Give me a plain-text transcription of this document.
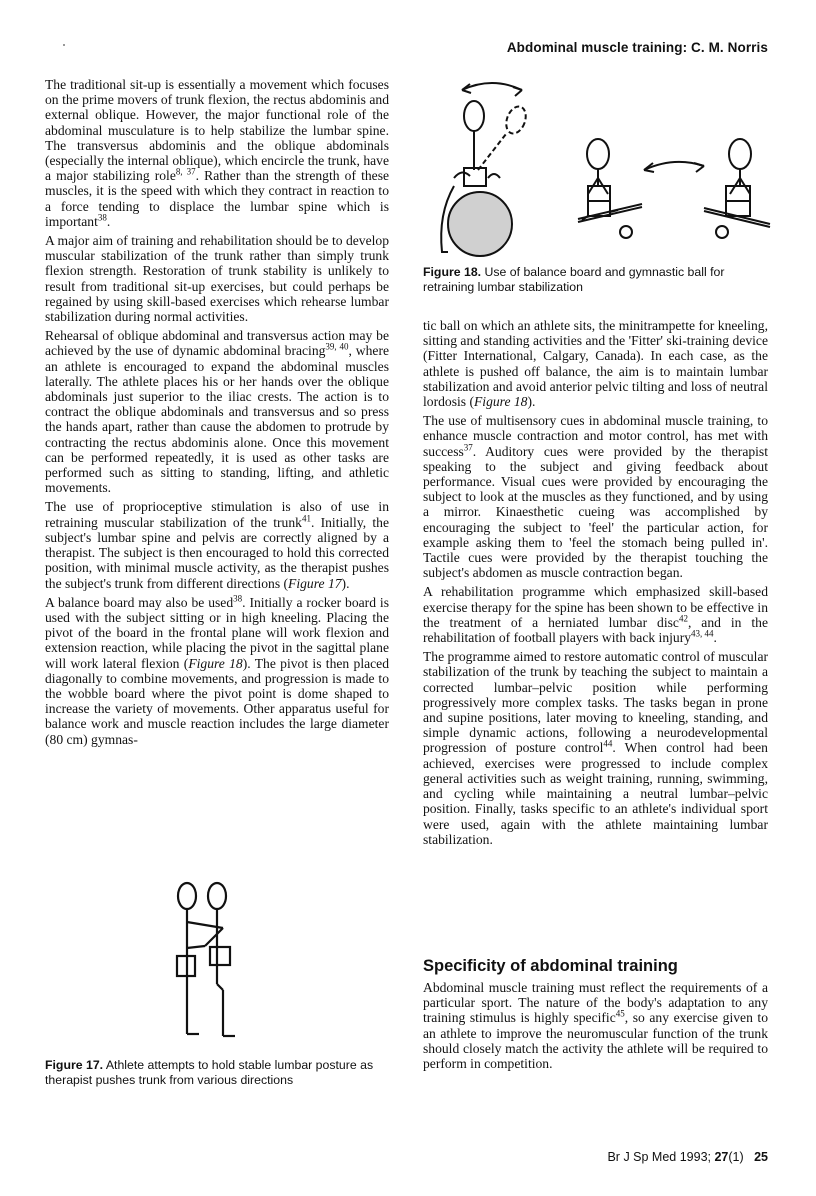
Abdominal muscle training: C. M. Norris

The traditional sit-up is essentially a movement which focuses on the prime movers of trunk flexion, the rectus abdominis and external oblique. However, the major functional role of the abdominal musculature is to help stabilize the lumbar spine. The transversus abdominis and the oblique abdominals (especially the internal oblique), which encircle the trunk, have a major stabilizing role$^{8, 37}$. Rather than the strength of these muscles, it is the speed with which they contract in reaction to a force tending to displace the lumbar spine which is important$^{38}$.

A major aim of training and rehabilitation should be to develop muscular stabilization of the trunk rather than simply trunk flexion strength. Restoration of trunk stability is unlikely to result from traditional sit-up exercises, but could perhaps be regained by using skill-based exercises which rehearse lumbar stabilization during normal activities.

Rehearsal of oblique abdominal and transversus action may be achieved by the use of dynamic abdominal bracing$^{39, 40}$, where an athlete is encouraged to expand the abdominal muscles laterally. The athlete places his or her hands over the oblique abdominals just superior to the iliac crests. The action is to contract the oblique abdominals and transversus and so press the hands apart, rather than cause the abdomen to protrude by contracting the rectus abdominis alone. Once this movement can be performed repeatedly, it is used as other tasks are performed such as sitting to standing, lifting, and athletic movements.

The use of proprioceptive stimulation is also of use in retraining muscular stabilization of the trunk$^{41}$. Initially, the subject's lumbar spine and pelvis are correctly aligned by a therapist. The subject is then encouraged to hold this corrected position, with minimal muscle activity, as the therapist pushes the subject's trunk from different directions (Figure 17).

A balance board may also be used$^{38}$. Initially a rocker board is used with the subject sitting or in high kneeling. Placing the pivot of the board in the frontal plane will work flexion and extension reaction, while placing the pivot in the sagittal plane will work lateral flexion (Figure 18). The pivot is then placed diagonally to combine movements, and progression is made to the wobble board where the pivot point is dome shaped to increase the variety of movements. Other apparatus useful for balance work and muscle reaction includes the large diameter (80 cm) gymnas-

Figure 17. Athlete attempts to hold stable lumbar posture as therapist pushes trunk from various directions
Figure 18. Use of balance board and gymnastic ball for retraining lumbar stabilization

tic ball on which an athlete sits, the minitrampette for kneeling, sitting and standing activities and the 'Fitter' ski-training device (Fitter International, Calgary, Canada). In each case, as the athlete is pushed off balance, the aim is to maintain lumbar stabilization and avoid anterior pelvic tilting and loss of neutral lordosis (Figure 18).

The use of multisensory cues in abdominal muscle training, to enhance muscle contraction and motor control, has met with success$^{37}$. Auditory cues were provided by the therapist speaking to the subject and giving feedback about performance. Visual cues were provided by encouraging the subject to look at the muscles as they functioned, and by using a mirror. Kinaesthetic cueing was accomplished by encouraging the subject to 'feel' the particular action, for example asking them to 'feel the stomach being pulled in'. Tactile cues were provided by the therapist touching the subject's abdomen as muscle contraction began.

A rehabilitation programme which emphasized skill-based exercise therapy for the spine has been shown to be effective in the treatment of a herniated lumbar disc$^{42}$, and in the rehabilitation of football players with back injury$^{43, 44}$.

The programme aimed to restore automatic control of muscular stabilization of the trunk by teaching the subject to maintain a corrected lumbar–pelvic position while performing progressively more complex tasks. The tasks began in prone and supine positions, later moving to kneeling, standing, and simple dynamic actions, following a neurodevelopmental progression of posture control$^{44}$. When control had been achieved, exercises were progressed to include complex general activities such as weight training, running, swimming, and cycling while maintaining a neutral lumbar–pelvic position. Finally, tasks specific to an athlete's individual sport were used, again with the athlete maintaining lumbar stabilization.

Specificity of abdominal training

Abdominal muscle training must reflect the requirements of a particular sport. The nature of the body's adaptation to any training stimulus is highly specific$^{45}$, so any exercise given to an athlete to improve the neuromuscular function of the trunk should closely match the activity the athlete will be required to perform in competition.

Br J Sp Med 1993; 27(1) 25
